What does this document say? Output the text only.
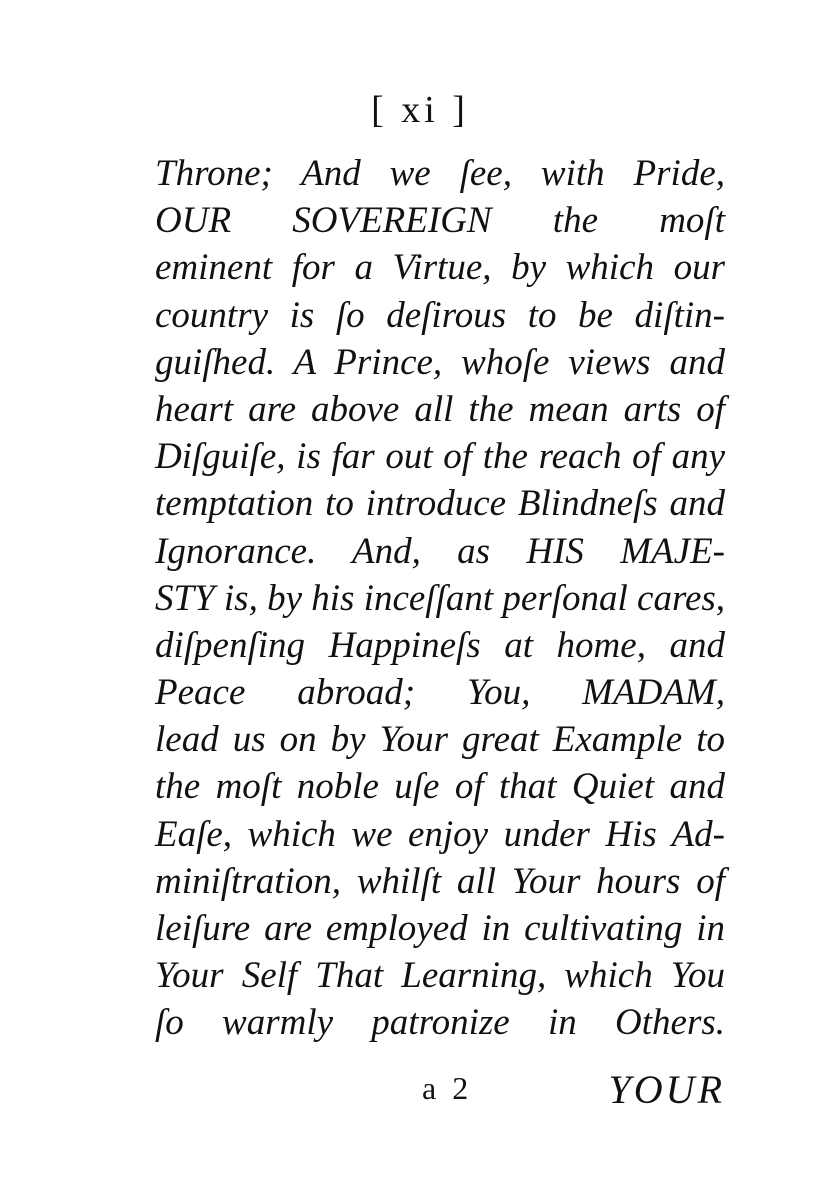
[ xi ]
Throne; And we ſee, with Pride,
OUR SOVEREIGN the moſt
eminent for a Virtue, by which our
country is ſo deſirous to be diſtin-
guiſhed. A Prince, whoſe views and
heart are above all the mean arts of
Diſguiſe, is far out of the reach of any
temptation to introduce Blindneſs and
Ignorance. And, as HIS MAJE-
STY is, by his inceſſant perſonal cares,
diſpenſing Happineſs at home, and
Peace abroad; You, MADAM,
lead us on by Your great Example to
the moſt noble uſe of that Quiet and
Eaſe, which we enjoy under His Ad-
miniſtration, whilſt all Your hours of
leiſure are employed in cultivating in
Your Self That Learning, which You
ſo warmly patronize in Others.
a 2	YOUR
